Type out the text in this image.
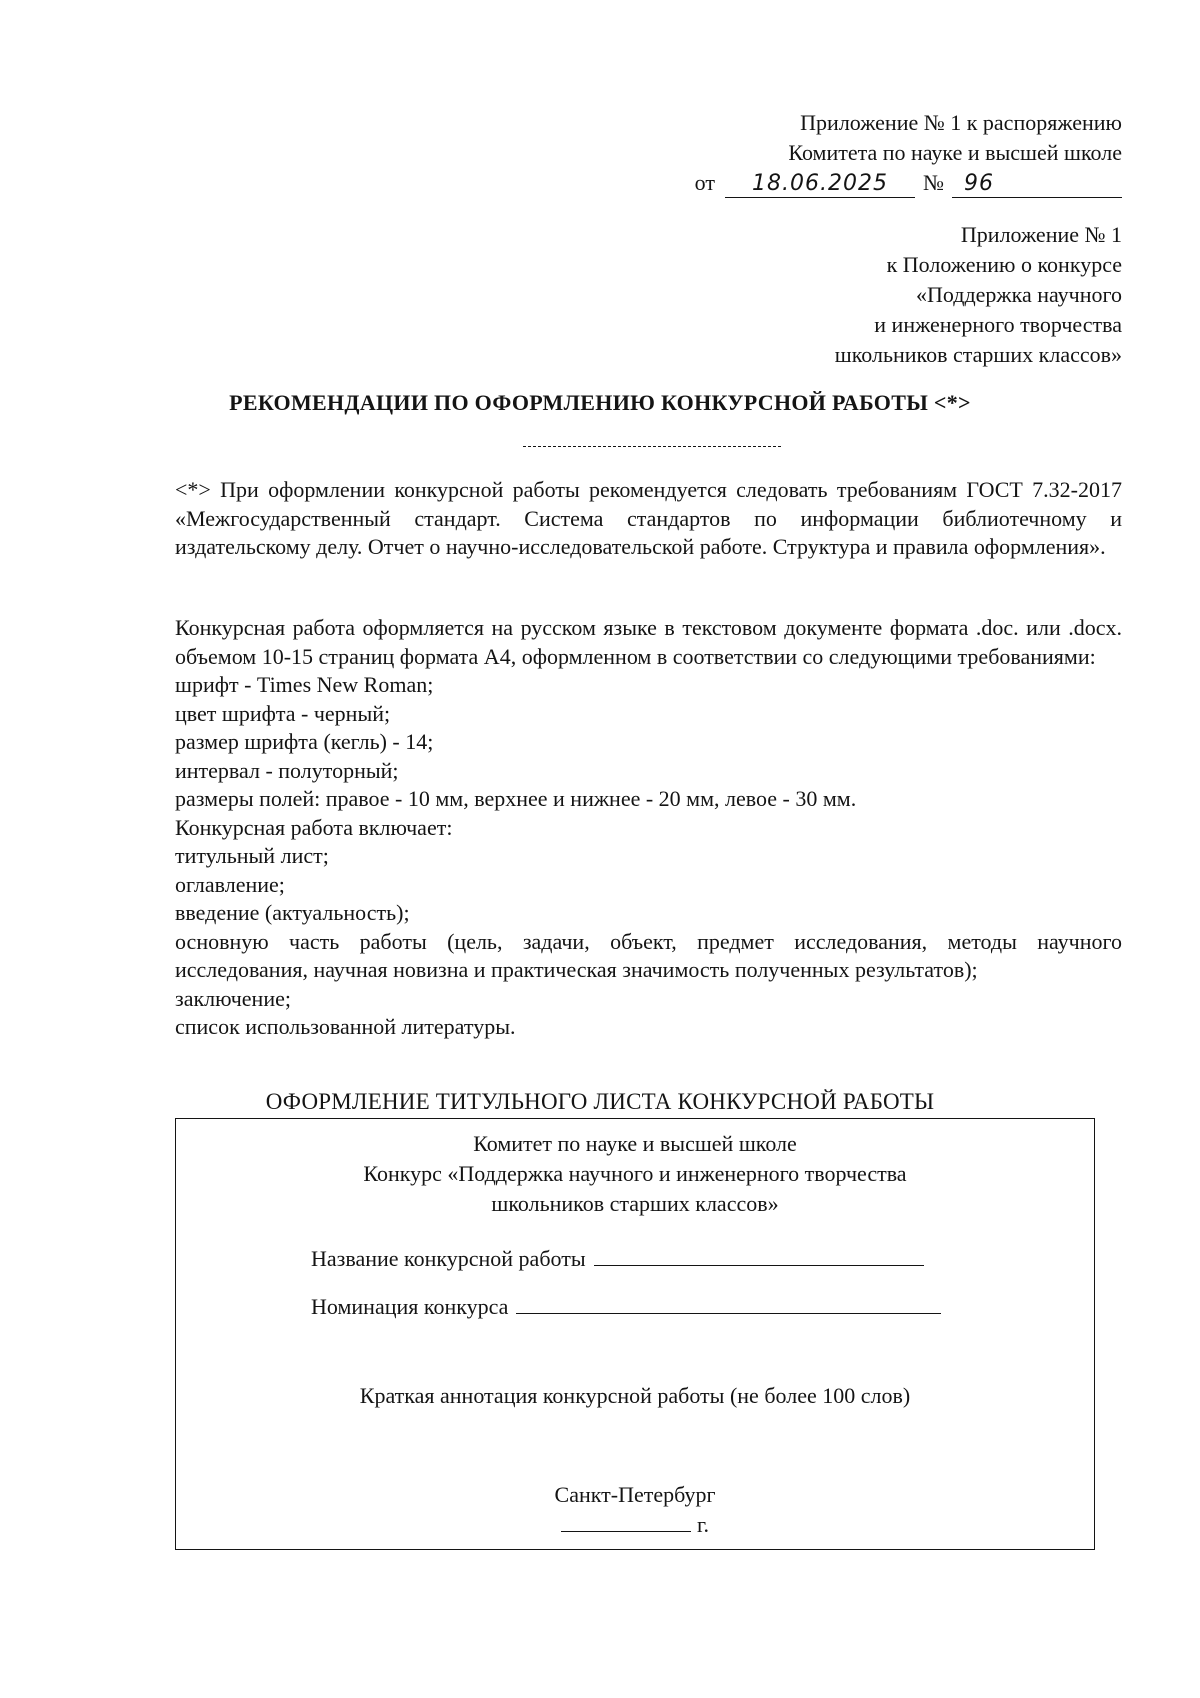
Приложение № 1 к распоряжению
Комитета по науке и высшей школе
от	18.06.2025	№ 96
Приложение № 1
к Положению о конкурсе
«Поддержка научного
и инженерного творчества
школьников старших классов»
РЕКОМЕНДАЦИИ ПО ОФОРМЛЕНИЮ КОНКУРСНОЙ РАБОТЫ <*>
<*> При оформлении конкурсной работы рекомендуется следовать требованиям ГОСТ 7.32-2017 «Межгосударственный стандарт. Система стандартов по информации библиотечному и издательскому делу. Отчет о научно-исследовательской работе. Структура и правила оформления».

Конкурсная работа оформляется на русском языке в текстовом документе формата .doc. или .docx. объемом 10-15 страниц формата А4, оформленном в соответствии со следующими требованиями:

шрифт - Times New Roman;

цвет шрифта - черный;

размер шрифта (кегль) - 14;

интервал - полуторный;

размеры полей: правое - 10 мм, верхнее и нижнее - 20 мм, левое - 30 мм.

Конкурсная работа включает:

титульный лист;

оглавление;

введение (актуальность);

основную часть работы (цель, задачи, объект, предмет исследования, методы научного исследования, научная новизна и практическая значимость полученных результатов);

заключение;

список использованной литературы.

ОФОРМЛЕНИЕ ТИТУЛЬНОГО ЛИСТА КОНКУРСНОЙ РАБОТЫ
Комитет по науке и высшей школе
Конкурс «Поддержка научного и инженерного творчества
школьников старших классов»
Название конкурсной работы
Номинация конкурса
Краткая аннотация конкурсной работы (не более 100 слов)
Санкт-Петербург
г.
